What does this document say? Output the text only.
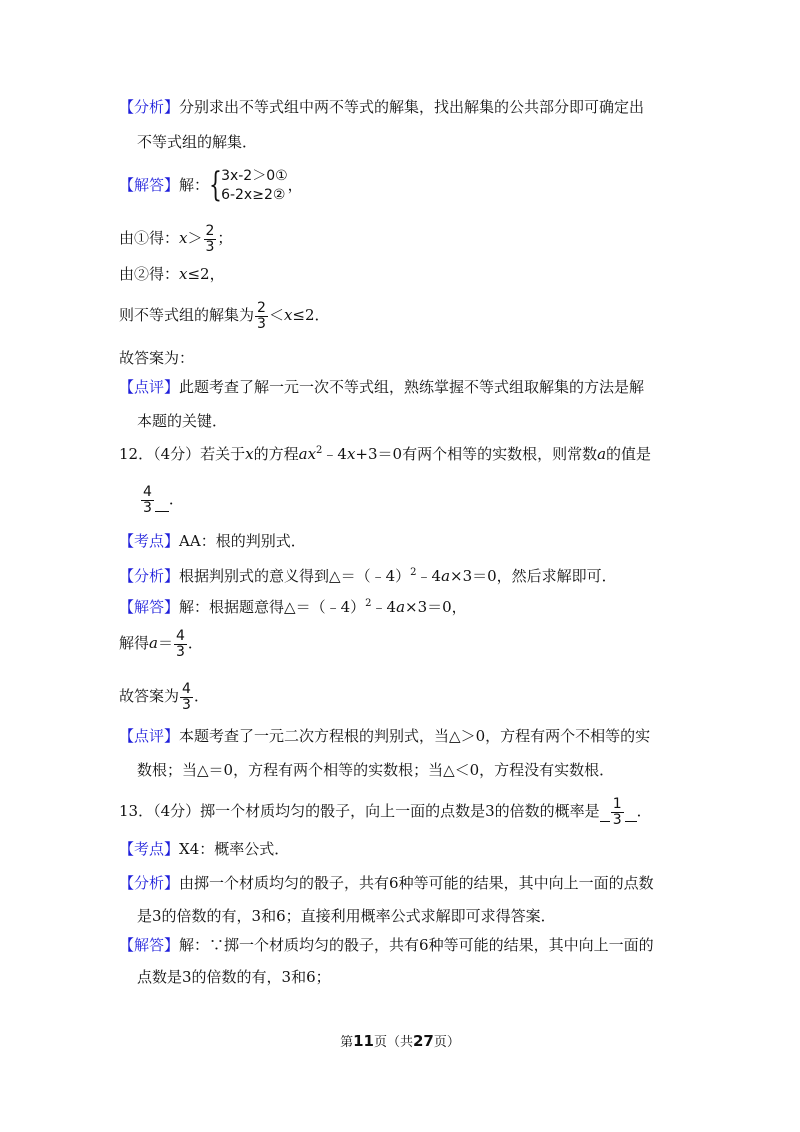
【分析】分别求出不等式组中两不等式的解集，找出解集的公共部分即可确定出
不等式组的解集．
【解答】解： { 3x-2＞0①
6-2x≥2②
，
由①得：$x> \frac{2}{3}$ ；
由②得：x≤2，
则不等式组的解集为 $\frac{2}{3} <x\le 2$．
故答案为：
【点评】此题考查了解一元一次不等式组，熟练掌握不等式组取解集的方法是解
本题的关键．
12．（4分）若关于x的方程$ax^2﹣4x+3=0$有两个相等的实数根，则常数a的值是
$\frac{4}{3}$ ．
【考点】AA：根的判别式．
【分析】根据判别式的意义得到△＝（﹣4）$^2$﹣4a×3＝0，然后求解即可．
【解答】解：根据题意得△＝（﹣4）$^2$﹣4a×3＝0，
解得$a= \frac{4}{3}$ ．
故答案为 $\frac{4}{3}$ ．
【点评】本题考查了一元二次方程根的判别式，当△＞0，方程有两个不相等的实
数根；当△＝0，方程有两个相等的实数根；当△＜0，方程没有实数根．
13．（4分）掷一个材质均匀的骰子，向上一面的点数是3的倍数的概率是 $\frac{1}{3}$ ．
【考点】X4：概率公式．
【分析】由掷一个材质均匀的骰子，共有6种等可能的结果，其中向上一面的点数
是3的倍数的有，3和6；直接利用概率公式求解即可求得答案．
【解答】解：∵掷一个材质均匀的骰子，共有6种等可能的结果，其中向上一面的
点数是3的倍数的有，3和6；
第11页（共27页）
